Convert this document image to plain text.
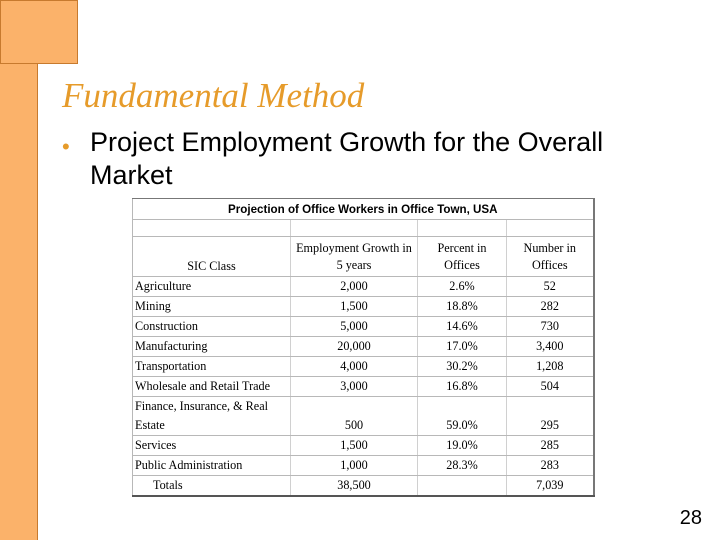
Fundamental Method
• Project Employment Growth for the Overall Market
Projection of Office Workers in Office Town, USA			

SIC Class	Employment Growth in 5 years	Percent in Offices	Number in Offices
Agriculture	2,000	2.6%	52
Mining	1,500	18.8%	282
Construction	5,000	14.6%	730
Manufacturing	20,000	17.0%	3,400
Transportation	4,000	30.2%	1,208
Wholesale and Retail Trade	3,000	16.8%	504
Finance, Insurance, & Real Estate	500	59.0%	295
Services	1,500	19.0%	285
Public Administration	1,000	28.3%	283
Totals	38,500		7,039
28
